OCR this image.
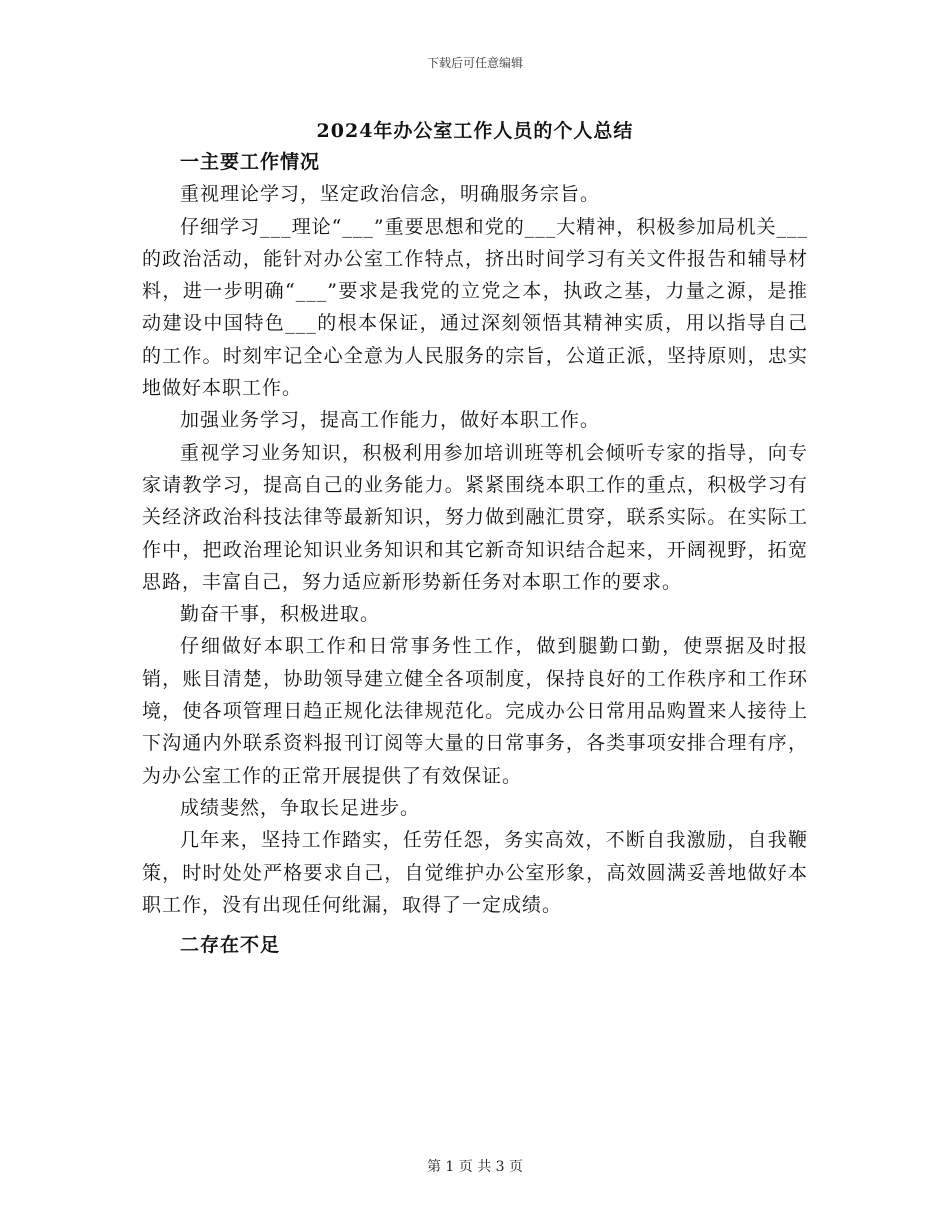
下载后可任意编辑
2024年办公室工作人员的个人总结
一主要工作情况

重视理论学习，坚定政治信念，明确服务宗旨。

仔细学习___理论“___”重要思想和党的___大精神，积极参加局机关___的政治活动，能针对办公室工作特点，挤出时间学习有关文件报告和辅导材料，进一步明确“___”要求是我党的立党之本，执政之基，力量之源，是推动建设中国特色___的根本保证，通过深刻领悟其精神实质，用以指导自己的工作。时刻牢记全心全意为人民服务的宗旨，公道正派，坚持原则，忠实地做好本职工作。

加强业务学习，提高工作能力，做好本职工作。

重视学习业务知识，积极利用参加培训班等机会倾听专家的指导，向专家请教学习，提高自己的业务能力。紧紧围绕本职工作的重点，积极学习有关经济政治科技法律等最新知识，努力做到融汇贯穿，联系实际。在实际工作中，把政治理论知识业务知识和其它新奇知识结合起来，开阔视野，拓宽思路，丰富自己，努力适应新形势新任务对本职工作的要求。

勤奋干事，积极进取。

仔细做好本职工作和日常事务性工作，做到腿勤口勤，使票据及时报销，账目清楚，协助领导建立健全各项制度，保持良好的工作秩序和工作环境，使各项管理日趋正规化法律规范化。完成办公日常用品购置来人接待上下沟通内外联系资料报刊订阅等大量的日常事务，各类事项安排合理有序，为办公室工作的正常开展提供了有效保证。

成绩斐然，争取长足进步。

几年来，坚持工作踏实，任劳任怨，务实高效，不断自我激励，自我鞭策，时时处处严格要求自己，自觉维护办公室形象，高效圆满妥善地做好本职工作，没有出现任何纰漏，取得了一定成绩。

二存在不足
第 1 页 共 3 页
